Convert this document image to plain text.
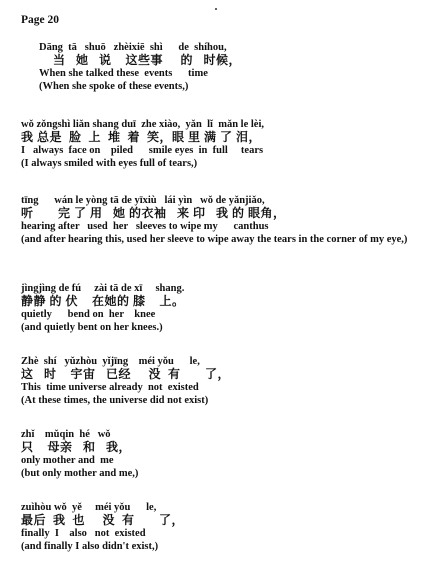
Page 20
Dāng  tā   shuō   zhèixiē  shì      de  shíhou,
当   她   说    这些事     的   时候，
When she talked these  events      time
(When she spoke of these events,)
wǒ zǒngshì liǎn shang duī  zhe xiào,  yǎn  lǐ  mǎn le lèi,
我 总是  脸  上  堆  着  笑，眼 里 满 了 泪，
I   always  face on    piled      smile eyes  in  full     tears
(I always smiled with eyes full of tears,)
tīng      wán le yòng tā de yīxiù   lái yìn   wǒ de yǎnjiǎo,
听       完 了 用   她 的衣袖   来 印   我 的 眼角，
hearing after   used  her   sleeves to wipe my      canthus
(and after hearing this, used her sleeve to wipe away the tears in the corner of my eye,)
jìngjìng de fú     zài tā de xī     shang.
静静 的 伏    在她的 膝    上。
quietly      bend on  her    knee
(and quietly bent on her knees.)
Zhè  shí   yǔzhòu  yǐjīng    méi yǒu      le,
这   时    宇宙   已经     没  有       了，
This  time universe already  not  existed
(At these times, the universe did not exist)
zhǐ    mǔqin  hé   wǒ
只    母亲   和   我，
only mother and  me
(but only mother and me,)
zuìhòu wǒ  yě     méi yǒu      le,
最后  我  也     没  有       了，
finally  I    also   not  existed
(and finally I also didn't exist,)
